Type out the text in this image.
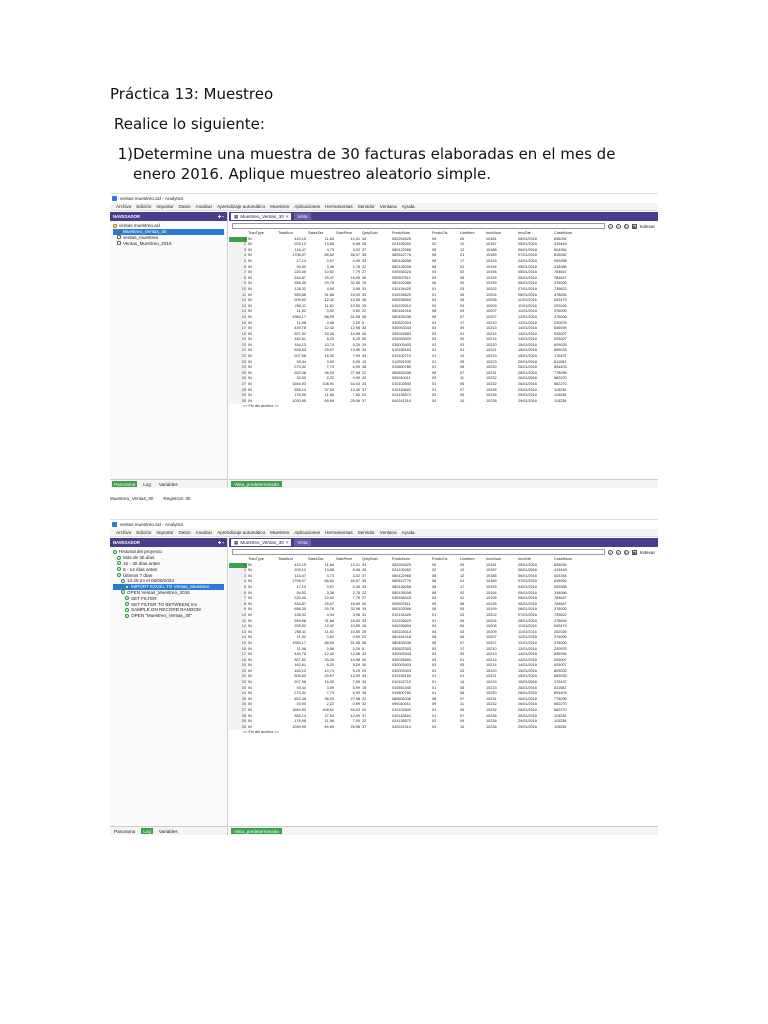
Práctica 13: Muestreo
Realice lo siguiente:
1) Determine una muestra de 30 facturas elaboradas en el mes de enero 2016. Aplique muestreo aleatorio simple.
ventas muestreo.acl - Analytics
Archivo Edición Importar Datos Analizar Aprendizaje automático Muestreo Aplicaciones Herramientas Servidor Ventana Ayuda
NAVEGADOR	✚ ▪
ventas muestreo.acl
Muestreo_Ventas_30
ventas_muestreo
Ventas_Muestreo_2016
Panorama	Log	Variables
▦ Muestreo_Ventas_30 ×	Vista
✓	×	↻ ▦ Indexar
	TranType	TotalAmt	SalesTax	SalePrice	QntySold	ProdcNum	ProdcCls	LineItem	InvcNum	InvcDte	CustnNum
1	IN	420,15	11,84	12,01	34	052204525	05	05	10181	05/01/2016	836094
2	IN	209,12	13,68	6,98	28	024105262	02	10	10187	05/01/2016	419449
3	IN	116,47	4,73	3,02	37	080122968	08	12	10188	06/01/2016	504354
4	IN	1706,07	65,62	46,07	35	080512776	08	01	10189	07/01/2016	815062
5	IN	17,14	0,97	0,49	33	080126058	08	17	10193	04/01/2016	090398
6	IN	94,52	3,36	2,78	22	080126008	08	02	10194	05/01/2016	318086
7	IN	220,05	10,52	7,79	27	030934423	03	02	10195	05/01/2016	784647
8	IN	534,87	25,47	16,99	30	090507611	09	08	10195	05/01/2016	784647
9	IN	656,35	29,76	32,98	19	060102066	06	05	10199	06/01/2016	376005
10	IN	128,32	4,94	3,98	31	010134420	01	03	10202	07/01/2016	739622
11	IN	559,68	31,68	16,00	33	010226620	01	06	10204	08/01/2016	478694
12	IN	209,52	12,42	10,55	16	040226654	04	06	10208	11/01/2016	549479
13	IN	256,11	11,61	10,55	25	040223014	04	03	10209	11/01/2016	202026
14	IN	11,52	0,52	0,50	22	080161018	08	05	10207	12/01/2016	376005
15	IN	1960,17	88,59	51,98	36	080453436	08	07	10207	12/01/2016	376005
16	IN	11,98	0,56	2,29	5	030522303	03	17	10210	12/01/2016	230575
17	IN	440,78	12,42	12,98	33	030003343	03	09	10213	14/01/2016	836094
18	IN	507,52	33,26	14,98	40	030024683	03	01	10214	14/01/2016	925007
19	IN	162,61	8,20	5,29	30	030003403	03	05	10214	14/01/2016	925007
20	IN	184,13	10,74	5,29	29	030003403	03	03	10220	15/01/2016	829025
21	IN	505,63	29,97	13,99	34	010155160	01	01	10221	15/01/2016	869033
22	IN	207,96	16,30	7,99	34	010102710	01	14	10219	15/01/2016	176437
23	IN	93,44	3,59	5,99	15	010551340	01	05	10223	25/01/2016	811082
24	IN	273,32	7,73	6,99	36	010800780	01	08	10230	26/01/2016	894403
25	IN	652,48	36,93	27,98	22	080605336	08	07	10231	26/01/2016	778095
26	IN	33,90	2,22	0,99	32	090010011	09	11	10232	26/01/2016	562270
27	IN	1664,93	108,91	64,03	24	010102840	01	06	10232	26/01/2016	562270
28	IN	555,14	37,53	13,99	37	010110840	01	07	10238	29/01/2016	115236
29	IN	176,96	11,96	7,50	22	024135572	02	09	10238	29/01/2016	115236
30	IN	1030,95	69,69	25,98	37	040241314	04	10	10238	29/01/2016	115236
<< Fin del archivo >>
Vista_predeterminada
Muestreo_Ventas_30 Registros: 30
ventas muestreo.acl - Analytics
Archivo Edición Importar Datos Analizar Aprendizaje automático Muestreo Aplicaciones Herramientas Servidor Ventana Ayuda
NAVEGADOR	✚ ▪
Historial del proyecto
Más de 30 días
15 - 30 días antes
8 - 14 días antes
Últimos 7 días
13.28.24 el 06/08/2024
IMPORT EXCEL TO Ventas_Muestreo
OPEN Ventas_Muestreo_2016
SET FILTER
SET FILTER TO BETWEEN( Inv
SAMPLE ON RECORD RANDOM
OPEN "Muestreo_Ventas_30"
Panorama	Log	Variables
▦ Muestreo_Ventas_30 ×	Vista
✓	×	↻ ▦ Indexar
	TranType	TotalAmt	SalesTax	SalePrice	QntySold	ProdcNum	ProdcCls	LineItem	InvcNum	InvcDte	CustnNum
1	IN	420,15	11,84	12,01	34	052204525	05	05	10181	05/01/2016	836094
2	IN	209,12	13,68	6,98	28	024105262	02	10	10187	05/01/2016	419449
3	IN	116,47	4,73	3,02	37	080122968	08	12	10188	06/01/2016	504354
4	IN	1706,07	65,62	46,07	35	080512776	08	01	10189	07/01/2016	815062
5	IN	17,14	0,97	0,49	33	080126058	08	17	10193	04/01/2016	090398
6	IN	94,52	3,36	2,78	22	080126008	08	02	10194	05/01/2016	318086
7	IN	220,05	10,52	7,79	27	030934423	03	02	10195	05/01/2016	784647
8	IN	534,87	25,47	16,99	30	090507611	09	08	10195	05/01/2016	784647
9	IN	656,35	29,76	32,98	19	060102066	06	05	10199	06/01/2016	376005
10	IN	128,32	4,94	3,98	31	010134420	01	03	10202	07/01/2016	739622
11	IN	559,68	31,68	16,00	33	010226620	01	06	10204	08/01/2016	478694
12	IN	209,52	12,42	10,55	16	040226654	04	06	10208	11/01/2016	549479
13	IN	256,11	11,61	10,55	25	040223014	04	03	10209	11/01/2016	202026
14	IN	11,52	0,52	0,50	22	080161018	08	05	10207	12/01/2016	376005
15	IN	1960,17	88,59	51,98	36	080453436	08	07	10207	12/01/2016	376005
16	IN	11,98	0,56	2,29	5	030522303	03	17	10210	12/01/2016	230575
17	IN	440,78	12,42	12,98	33	030003343	03	09	10213	14/01/2016	836094
18	IN	507,52	33,26	14,98	40	030024683	03	01	10214	14/01/2016	925007
19	IN	162,61	8,20	5,29	30	030003403	03	05	10214	14/01/2016	925007
20	IN	184,13	10,74	5,29	29	030003403	03	03	10220	15/01/2016	829025
21	IN	505,63	29,97	13,99	34	010155160	01	01	10221	15/01/2016	869033
22	IN	207,96	16,30	7,99	34	010102710	01	14	10219	15/01/2016	176437
23	IN	93,44	3,59	5,99	15	010551340	01	05	10223	25/01/2016	811082
24	IN	273,32	7,73	6,99	36	010800780	01	08	10230	26/01/2016	894403
25	IN	652,48	36,93	27,98	22	080605336	08	07	10231	26/01/2016	778095
26	IN	33,90	2,22	0,99	32	090010011	09	11	10232	26/01/2016	562270
27	IN	1664,93	108,91	64,03	24	010102840	01	06	10232	26/01/2016	562270
28	IN	555,14	37,53	13,99	37	010110840	01	07	10238	29/01/2016	115236
29	IN	176,96	11,96	7,50	22	024135572	02	09	10238	29/01/2016	115236
30	IN	1030,95	69,69	25,98	37	040241314	04	10	10238	29/01/2016	115236
<< Fin del archivo >>
Vista_predeterminada
